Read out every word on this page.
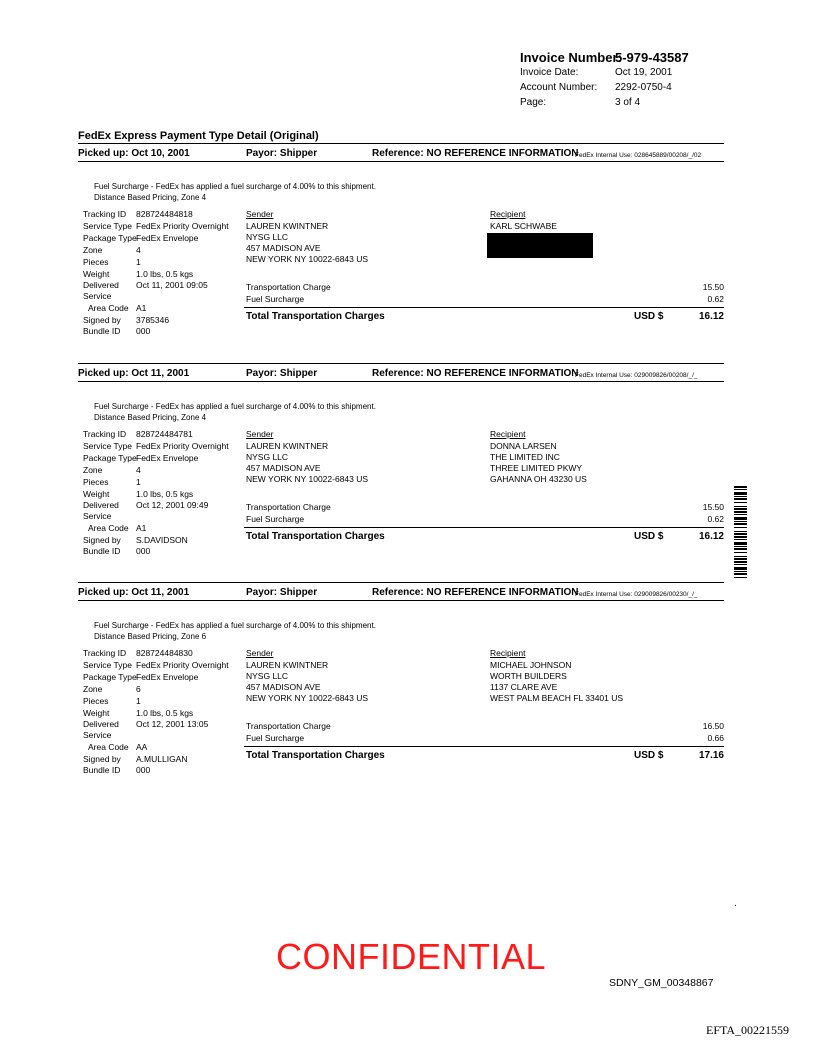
Invoice Number:
5-979-43587
Invoice Date:	Oct 19, 2001
Account Number: 2292-0750-4
Page:	3 of 4
FedEx Express Payment Type Detail (Original)
Picked up: Oct 10, 2001	Payor: Shipper	Reference: NO REFERENCE INFORMATION
FedEx Internal Use: 028645889/00208/_/02
Fuel Surcharge - FedEx has applied a fuel surcharge of 4.00% to this shipment.
Distance Based Pricing, Zone 4
Tracking ID 828724484818
Service Type FedEx Priority Overnight
Package Type FedEx Envelope
Zone	4
Pieces	1
Weight	1.0 lbs, 0.5 kgs
Delivered Oct 11, 2001 09:05
Service
Area Code A1
Signed by 3785346
Bundle ID 000
Sender
LAUREN KWINTNER
NYSG LLC
457 MADISON AVE
NEW YORK NY 10022-6843 US
Recipient
KARL SCHWABE
Transportation Charge	15.50
Fuel Surcharge	0.62
Total Transportation Charges	USD $	16.12
Picked up: Oct 11, 2001	Payor: Shipper	Reference: NO REFERENCE INFORMATION
FedEx Internal Use: 029009826/00208/_/_
Fuel Surcharge - FedEx has applied a fuel surcharge of 4.00% to this shipment.
Distance Based Pricing, Zone 4
Tracking ID 828724484781
Service Type FedEx Priority Overnight
Package Type FedEx Envelope
Zone	4
Pieces	1
Weight	1.0 lbs, 0.5 kgs
Delivered Oct 12, 2001 09:49
Service
Area Code A1
Signed by S.DAVIDSON
Bundle ID 000
Sender
LAUREN KWINTNER
NYSG LLC
457 MADISON AVE
NEW YORK NY 10022-6843 US
Recipient
DONNA LARSEN
THE LIMITED INC
THREE LIMITED PKWY
GAHANNA OH 43230 US
Transportation Charge	15.50
Fuel Surcharge	0.62
Total Transportation Charges	USD $	16.12
Picked up: Oct 11, 2001	Payor: Shipper	Reference: NO REFERENCE INFORMATION
FedEx Internal Use: 029009826/00230/_/_
Fuel Surcharge - FedEx has applied a fuel surcharge of 4.00% to this shipment.
Distance Based Pricing, Zone 6
Tracking ID 828724484830
Service Type FedEx Priority Overnight
Package Type FedEx Envelope
Zone	6
Pieces	1
Weight	1.0 lbs, 0.5 kgs
Delivered Oct 12, 2001 13:05
Service
Area Code AA
Signed by A.MULLIGAN
Bundle ID 000
Sender
LAUREN KWINTNER
NYSG LLC
457 MADISON AVE
NEW YORK NY 10022-6843 US
Recipient
MICHAEL JOHNSON
WORTH BUILDERS
1137 CLARE AVE
WEST PALM BEACH FL 33401 US
Transportation Charge	16.50
Fuel Surcharge	0.66
Total Transportation Charges	USD $	17.16
.
CONFIDENTIAL
SDNY_GM_00348867
EFTA_00221559
